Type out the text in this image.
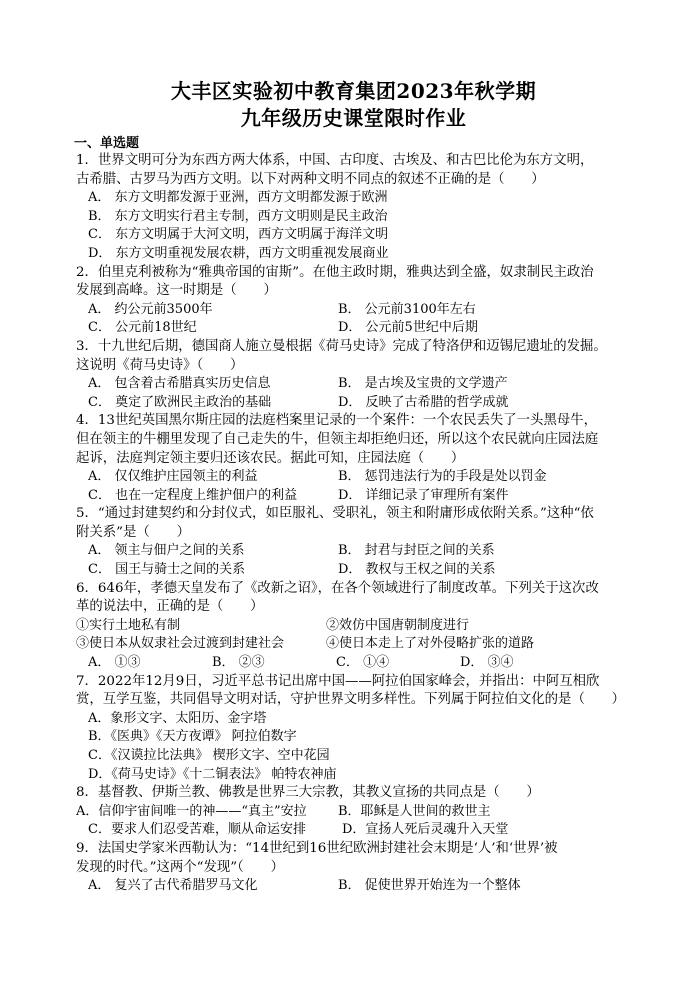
大丰区实验初中教育集团2023年秋学期
九年级历史课堂限时作业
一、单选题
1．世界文明可分为东西方两大体系，中国、古印度、古埃及、和古巴比伦为东方文明，
古希腊、古罗马为西方文明。以下对两种文明不同点的叙述不正确的是（　　）
A． 东方文明都发源于亚洲，西方文明都发源于欧洲
B． 东方文明实行君主专制，西方文明则是民主政治
C． 东方文明属于大河文明，西方文明属于海洋文明
D． 东方文明重视发展农耕，西方文明重视发展商业
2．伯里克利被称为“雅典帝国的宙斯”。在他主政时期，雅典达到全盛，奴隶制民主政治
发展到高峰。这一时期是（　　）
A． 约公元前3500年	B． 公元前3100年左右
C． 公元前18世纪	D． 公元前5世纪中后期
3．十九世纪后期，德国商人施立曼根据《荷马史诗》完成了特洛伊和迈锡尼遗址的发掘。
这说明《荷马史诗》（　　）
A． 包含着古希腊真实历史信息	B． 是古埃及宝贵的文学遗产
C． 奠定了欧洲民主政治的基础	D． 反映了古希腊的哲学成就
4．13世纪英国黑尔斯庄园的法庭档案里记录的一个案件：一个农民丢失了一头黑母牛，
但在领主的牛棚里发现了自己走失的牛，但领主却拒绝归还，所以这个农民就向庄园法庭
起诉，法庭判定领主要归还该农民。据此可知，庄园法庭（　　）
A． 仅仅维护庄园领主的利益	B． 惩罚违法行为的手段是处以罚金
C． 也在一定程度上维护佃户的利益	D． 详细记录了审理所有案件
5．“通过封建契约和分封仪式，如臣服礼、受职礼，领主和附庸形成依附关系。”这种“依
附关系”是（　　）
A． 领主与佃户之间的关系	B． 封君与封臣之间的关系
C． 国王与骑士之间的关系	D． 教权与王权之间的关系
6．646年，孝德天皇发布了《改新之诏》，在各个领域进行了制度改革。下列关于这次改
革的说法中，正确的是（　　）
①实行土地私有制	②效仿中国唐朝制度进行
③使日本从奴隶社会过渡到封建社会	④使日本走上了对外侵略扩张的道路
A． ①③	B． ②③	C． ①④	D． ③④
7．2022年12月9日，习近平总书记出席中国——阿拉伯国家峰会，并指出：中阿互相欣
赏，互学互鉴，共同倡导文明对话，守护世界文明多样性。下列属于阿拉伯文化的是（　　）
A．象形文字、太阳历、金字塔
B．《医典》《天方夜谭》 阿拉伯数字
C．《汉谟拉比法典》 楔形文字、空中花园
D．《荷马史诗》《十二铜表法》 帕特农神庙
8．基督教、伊斯兰教、佛教是世界三大宗教，其教义宣扬的共同点是（　　）
A．信仰宇宙间唯一的神——“真主”安拉	B．耶稣是人世间的救世主
C．要求人们忍受苦难，顺从命运安排	D．宣扬人死后灵魂升入天堂
9．法国史学家米西勒认为：“14世纪到16世纪欧洲封建社会末期是‘人’和‘世界’被
发现的时代。”这两个“发现”（　　）
A． 复兴了古代希腊罗马文化	B． 促使世界开始连为一个整体
